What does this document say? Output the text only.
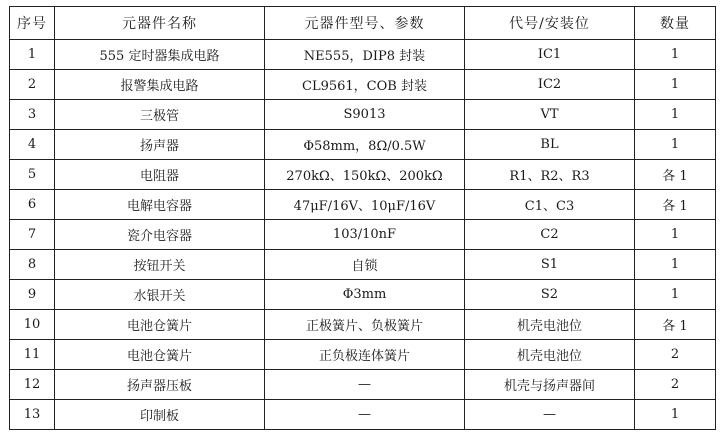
序号	元器件名称	元器件型号、参数	代号/安装位	数量
1	555 定时器集成电路	NE555，DIP8 封装	IC1	1
2	报警集成电路	CL9561，COB 封装	IC2	1
3	三极管	S9013	VT	1
4	扬声器	Φ58mm，8Ω/0.5W	BL	1
5	电阻器	270kΩ、150kΩ、200kΩ	R1、R2、R3	各 1
6	电解电容器	47μF/16V、10μF/16V	C1、C3	各 1
7	瓷介电容器	103/10nF	C2	1
8	按钮开关	自锁	S1	1
9	水银开关	Φ3mm	S2	1
10	电池仓簧片	正极簧片、负极簧片	机壳电池位	各 1
11	电池仓簧片	正负极连体簧片	机壳电池位	2
12	扬声器压板	—	机壳与扬声器间	2
13	印制板	—	—	1
